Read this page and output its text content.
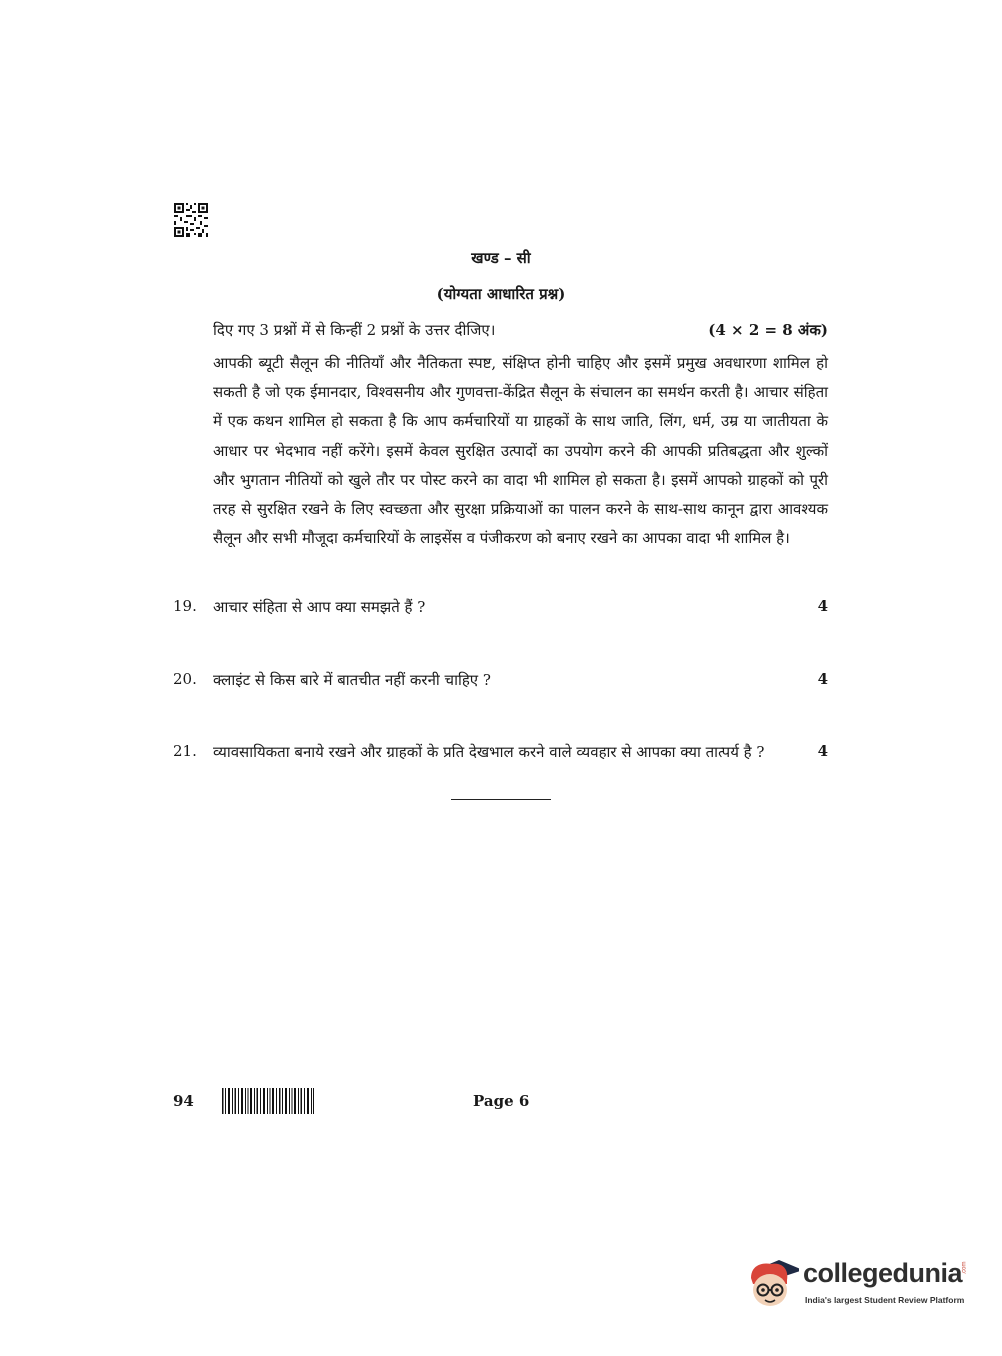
खण्ड – सी
(योग्यता आधारित प्रश्न)
दिए गए 3 प्रश्नों में से किन्हीं 2 प्रश्नों के उत्तर दीजिए।	(4 × 2 = 8 अंक)

आपकी ब्यूटी सैलून की नीतियाँ और नैतिकता स्पष्ट, संक्षिप्त होनी चाहिए और इसमें प्रमुख अवधारणा शामिल हो सकती है जो एक ईमानदार, विश्वसनीय और गुणवत्ता-केंद्रित सैलून के संचालन का समर्थन करती है। आचार संहिता में एक कथन शामिल हो सकता है कि आप कर्मचारियों या ग्राहकों के साथ जाति, लिंग, धर्म, उम्र या जातीयता के आधार पर भेदभाव नहीं करेंगे। इसमें केवल सुरक्षित उत्पादों का उपयोग करने की आपकी प्रतिबद्धता और शुल्कों और भुगतान नीतियों को खुले तौर पर पोस्ट करने का वादा भी शामिल हो सकता है। इसमें आपको ग्राहकों को पूरी तरह से सुरक्षित रखने के लिए स्वच्छता और सुरक्षा प्रक्रियाओं का पालन करने के साथ-साथ कानून द्वारा आवश्यक सैलून और सभी मौजूदा कर्मचारियों के लाइसेंस व पंजीकरण को बनाए रखने का आपका वादा भी शामिल है।

19. आचार संहिता से आप क्या समझते हैं ?	4
20. क्लाइंट से किस बारे में बातचीत नहीं करनी चाहिए ?	4
21. व्यावसायिकता बनाये रखने और ग्राहकों के प्रति देखभाल करने वाले व्यवहार से आपका क्या तात्पर्य है ?	4
94	Page 6
collegedunia .com
India's largest Student Review Platform
